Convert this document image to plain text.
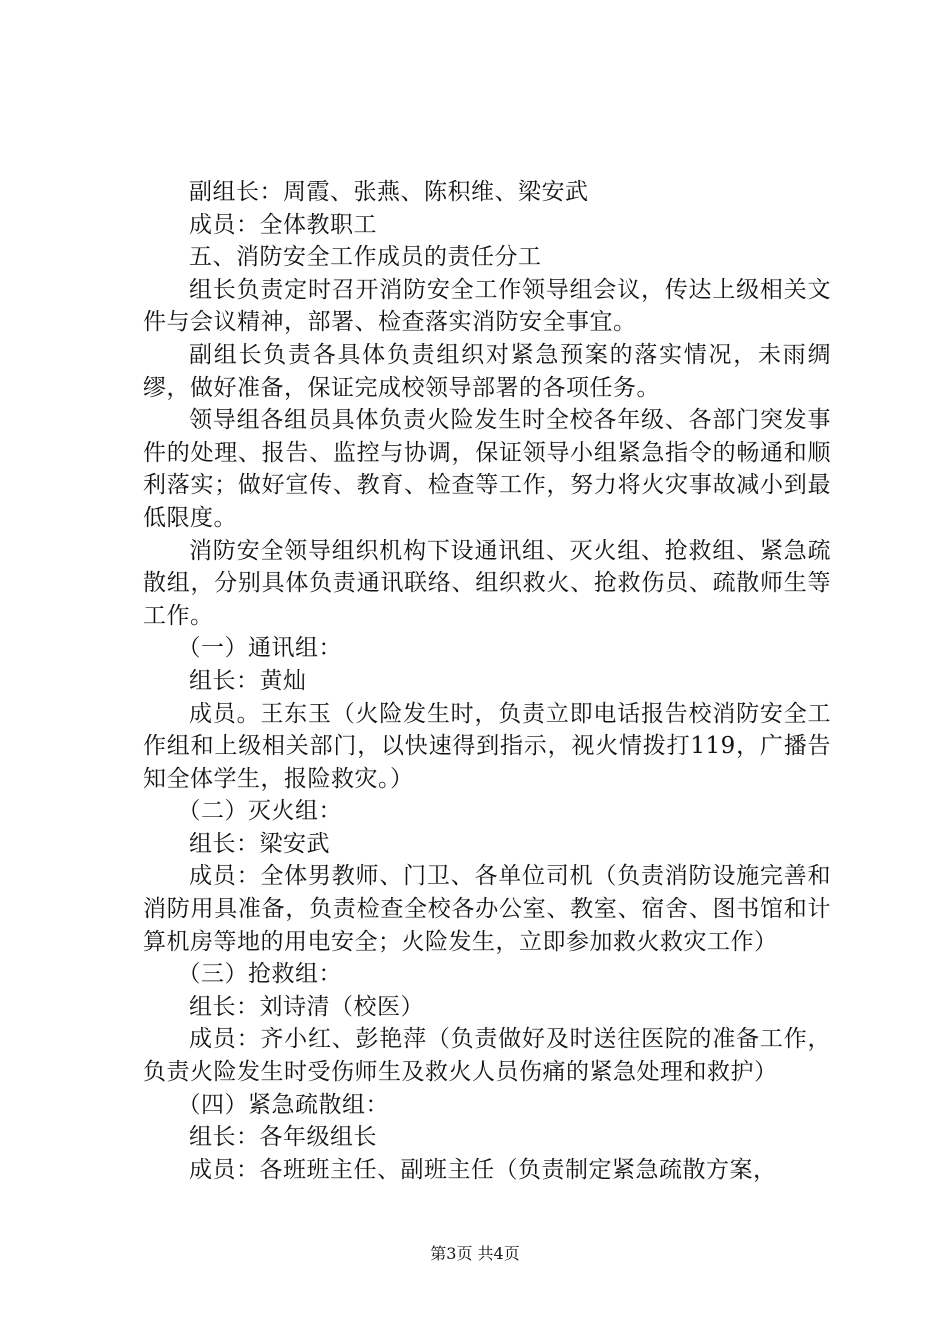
副组长：周霞、张燕、陈积维、梁安武

成员：全体教职工

五、消防安全工作成员的责任分工

组长负责定时召开消防安全工作领导组会议，传达上级相关文件与会议精神，部署、检查落实消防安全事宜。

副组长负责各具体负责组织对紧急预案的落实情况，未雨绸缪，做好准备，保证完成校领导部署的各项任务。

领导组各组员具体负责火险发生时全校各年级、各部门突发事件的处理、报告、监控与协调，保证领导小组紧急指令的畅通和顺利落实；做好宣传、教育、检查等工作，努力将火灾事故减小到最低限度。

消防安全领导组织机构下设通讯组、灭火组、抢救组、紧急疏散组，分别具体负责通讯联络、组织救火、抢救伤员、疏散师生等工作。

（一）通讯组：

组长：黄灿

成员。王东玉（火险发生时，负责立即电话报告校消防安全工作组和上级相关部门，以快速得到指示，视火情拨打119，广播告知全体学生，报险救灾。）

（二）灭火组：

组长：梁安武

成员：全体男教师、门卫、各单位司机（负责消防设施完善和消防用具准备，负责检查全校各办公室、教室、宿舍、图书馆和计算机房等地的用电安全；火险发生，立即参加救火救灾工作）

（三）抢救组：

组长：刘诗清（校医）

成员：齐小红、彭艳萍（负责做好及时送往医院的准备工作，负责火险发生时受伤师生及救火人员伤痛的紧急处理和救护）

（四）紧急疏散组：

组长：各年级组长

成员：各班班主任、副班主任（负责制定紧急疏散方案，

第3页 共4页
